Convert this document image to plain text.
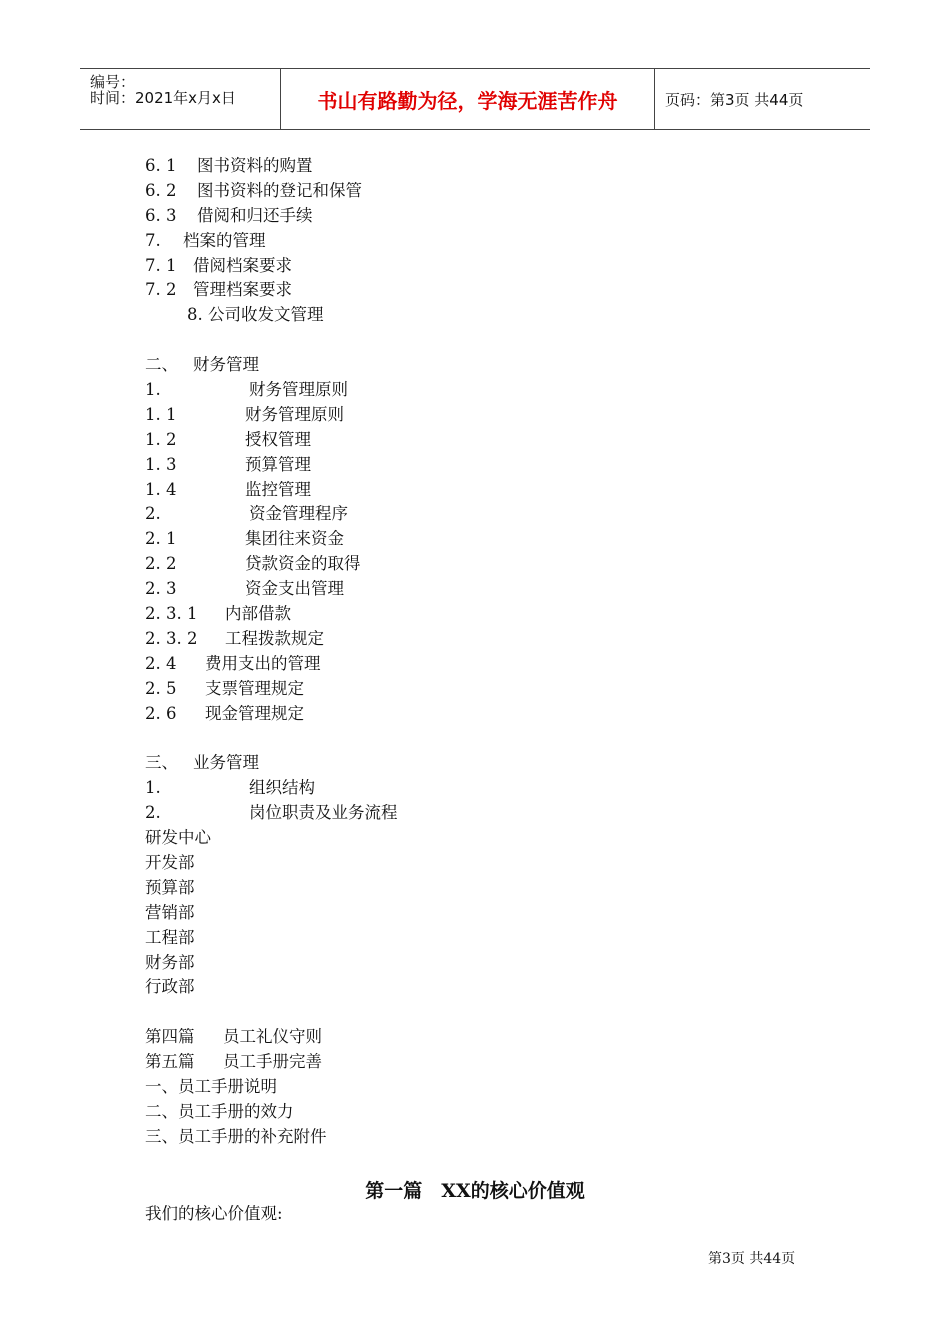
编号：
时间：2021年x月x日	书山有路勤为径，学海无涯苦作舟	页码：第3页 共44页
6. 1 图书资料的购置
6. 2 图书资料的登记和保管
6. 3 借阅和归还手续
7. 档案的管理
7. 1 借阅档案要求
7. 2 管理档案要求
8. 公司收发文管理
二、 财务管理
1.	财务管理原则
1. 1	财务管理原则
1. 2	授权管理
1. 3	预算管理
1. 4	监控管理
2.	资金管理程序
2. 1	集团往来资金
2. 2	贷款资金的取得
2. 3	资金支出管理
2. 3. 1 内部借款
2. 3. 2 工程拨款规定
2. 4 费用支出的管理
2. 5 支票管理规定
2. 6 现金管理规定
三、 业务管理
1.	组织结构
2.	岗位职责及业务流程
研发中心
开发部
预算部
营销部
工程部
财务部
行政部
第四篇 员工礼仪守则
第五篇 员工手册完善
一、员工手册说明
二、员工手册的效力
三、员工手册的补充附件
第一篇　XX的核心价值观
我们的核心价值观:
第3页 共44页
